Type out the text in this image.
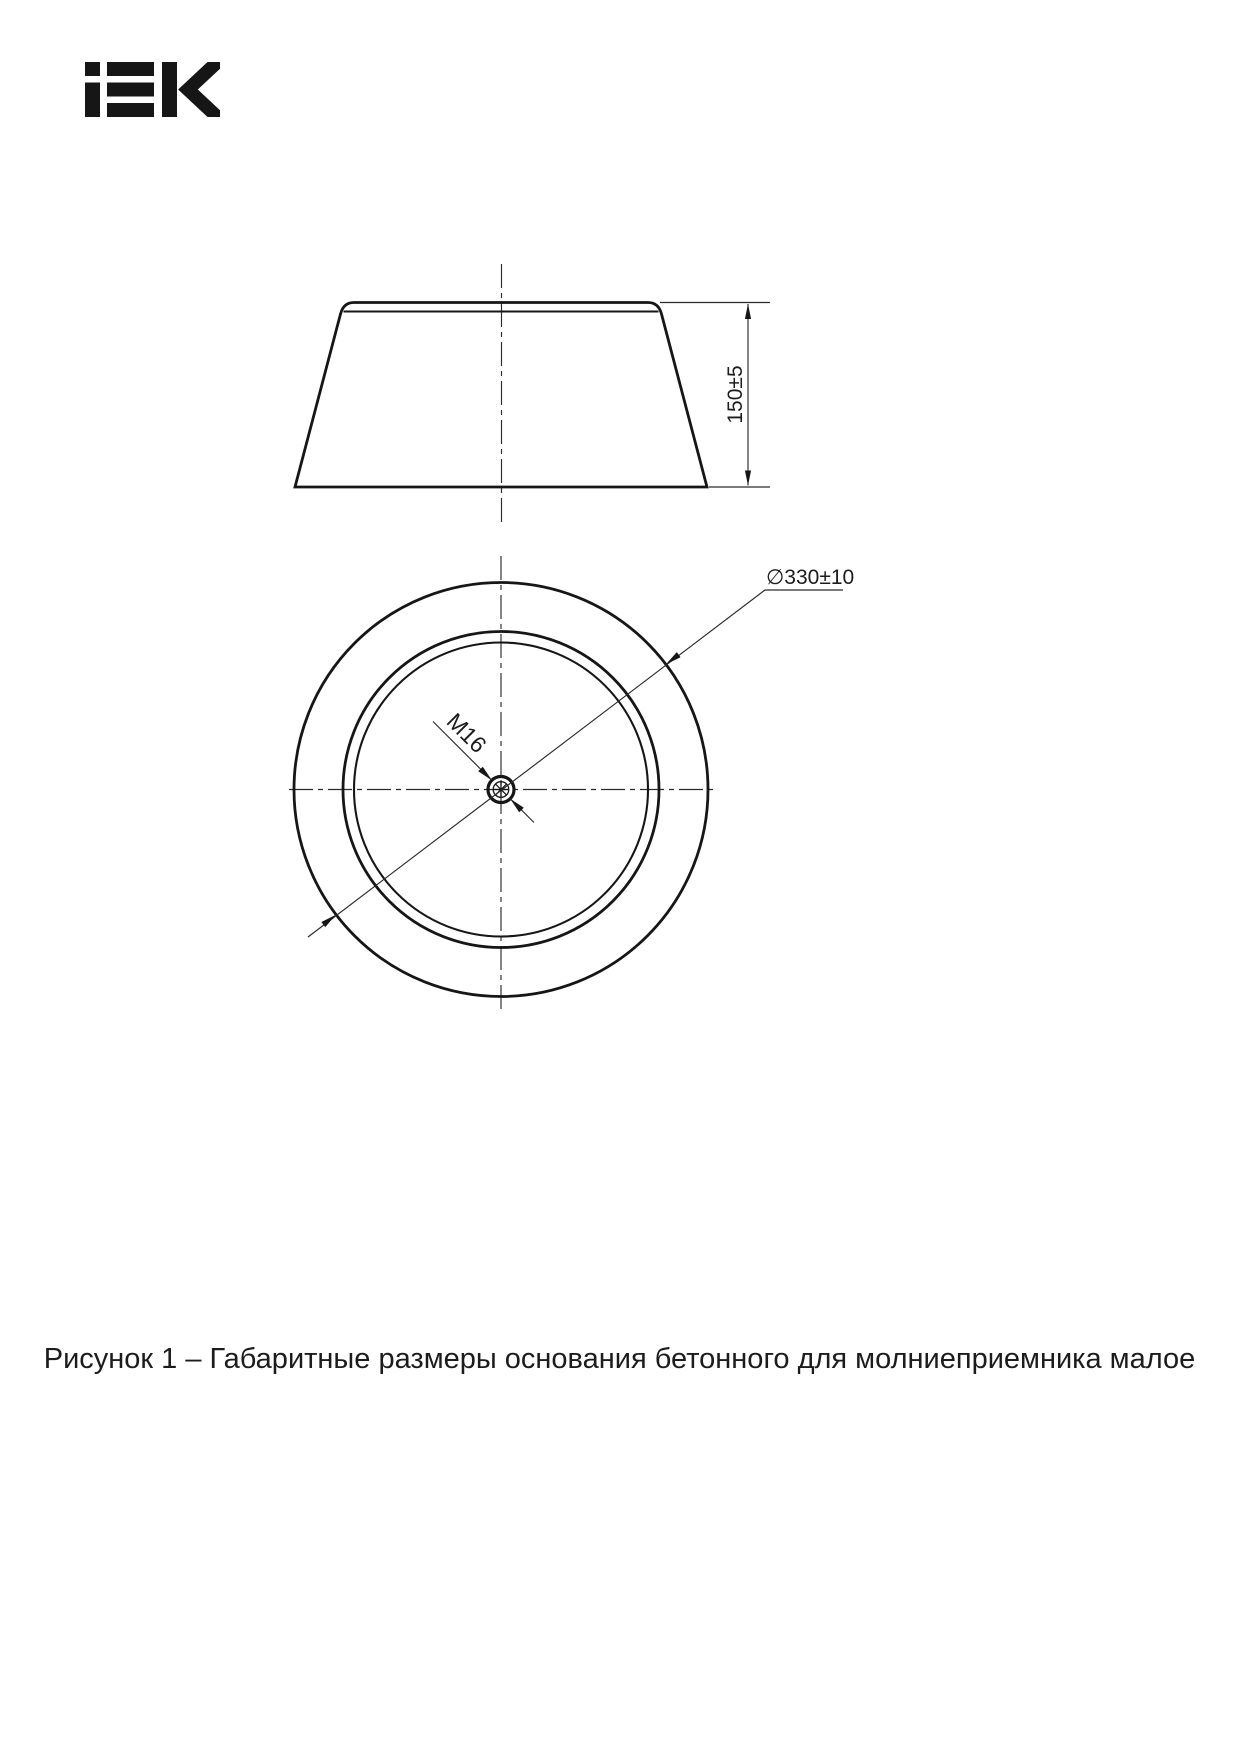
150±5
∅330±10
M16
Рисунок 1 – Габаритные размеры основания бетонного для молниеприемника малое
